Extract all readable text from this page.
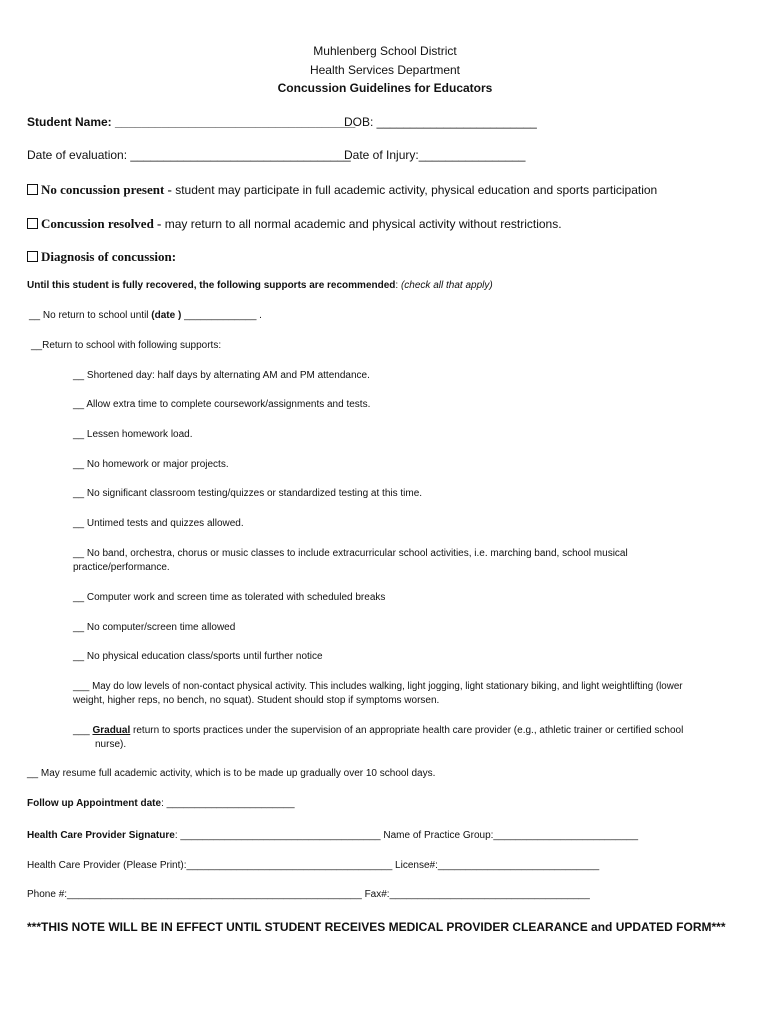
Muhlenberg School District
Health Services Department
Concussion Guidelines for Educators
Student Name: ____________________________________
DOB: ________________________
Date of evaluation: _________________________________
Date of Injury:________________
No concussion present - student may participate in full academic activity, physical education and sports participation
Concussion resolved - may return to all normal academic and physical activity without restrictions.
Diagnosis of concussion:
Until this student is fully recovered, the following supports are recommended: (check all that apply)
__ No return to school until (date ) _____________ .
__Return to school with following supports:
__ Shortened day: half days by alternating AM and PM attendance.
__ Allow extra time to complete coursework/assignments and tests.
__ Lessen homework load.
__ No homework or major projects.
__ No significant classroom testing/quizzes or standardized testing at this time.
__ Untimed tests and quizzes allowed.
__ No band, orchestra, chorus or music classes to include extracurricular school activities, i.e. marching band, school musical
practice/performance.
__ Computer work and screen time as tolerated with scheduled breaks
__ No computer/screen time allowed
__ No physical education class/sports until further notice
___ May do low levels of non-contact physical activity. This includes walking, light jogging, light stationary biking, and light weightlifting (lower
weight, higher reps, no bench, no squat). Student should stop if symptoms worsen.
___ Gradual return to sports practices under the supervision of an appropriate health care provider (e.g., athletic trainer or certified school
nurse).
__ May resume full academic activity, which is to be made up gradually over 10 school days.
Follow up Appointment date: _______________________
Health Care Provider Signature: ____________________________________ Name of Practice Group:__________________________
Health Care Provider (Please Print):_____________________________________ License#:_____________________________
Phone #:_____________________________________________________ Fax#:____________________________________
***THIS NOTE WILL BE IN EFFECT UNTIL STUDENT RECEIVES MEDICAL PROVIDER CLEARANCE and UPDATED FORM***
